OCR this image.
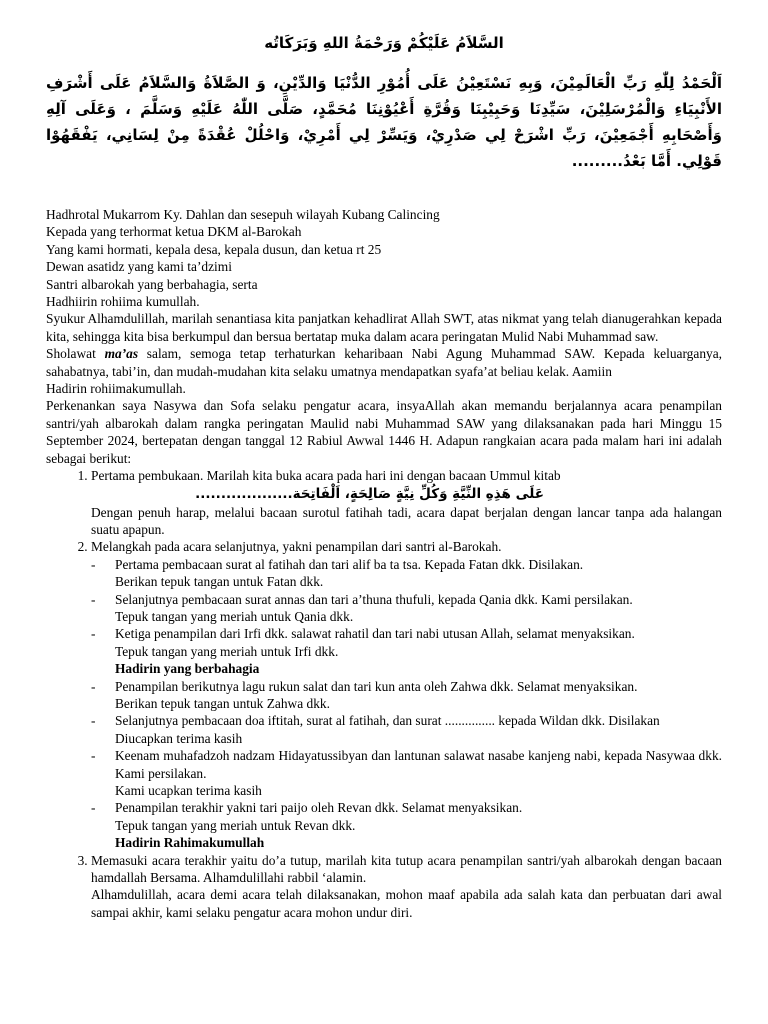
السَّلاَمُ عَلَيْكُمْ وَرَحْمَةُ اللهِ وَبَرَكَاتُه

اَلْحَمْدُ لِلّٰهِ رَبِّ الْعَالَمِيْنَ، وَبِهِ نَسْتَعِيْنُ عَلَى أُمُوْرِ الدُّنْيَا وَالدِّيْنِ، وَ الصَّلاَةُ وَالسَّلاَمُ عَلَى أَشْرَفِ الأَنْبِيَاءِ وَالْمُرْسَلِيْنَ، سَيِّدِنَا وَحَبِيْبِنَا وَقُرَّةِ أَعْيُوْنِنَا مُحَمَّدٍ، صَلَّى اللّٰهُ عَلَيْهِ وَسَلَّمَ ، وَعَلَى آلِهِ وَأَصْحَابِهِ أَجْمَعِيْنَ، رَبِّ اشْرَحْ لِي صَدْرِيْ، وَيَسِّرْ لِي أَمْرِيْ، وَاحْلُلْ عُقْدَةً مِنْ لِسَانِي، يَفْقَهُوْا قَوْلِي. أَمَّا بَعْدُ.........

Hadhrotal Mukarrom Ky. Dahlan dan sesepuh wilayah Kubang Calincing

Kepada yang terhormat ketua DKM al-Barokah

Yang kami hormati, kepala desa, kepala dusun, dan ketua rt 25

Dewan asatidz yang kami ta’dzimi

Santri albarokah yang berbahagia, serta

Hadhiirin rohiima kumullah.

Syukur Alhamdulillah, marilah senantiasa kita panjatkan kehadlirat Allah SWT, atas nikmat yang telah dianugerahkan kepada kita, sehingga kita bisa berkumpul dan bersua bertatap muka dalam acara peringatan Mulid Nabi Muhammad saw.

Sholawat ma’as salam, semoga tetap terhaturkan keharibaan Nabi Agung Muhammad SAW. Kepada keluarganya, sahabatnya, tabi’in, dan mudah-mudahan kita selaku umatnya mendapatkan syafa’at beliau kelak. Aamiin

Hadirin rohiimakumullah.

Perkenankan saya Nasywa dan Sofa selaku pengatur acara, insyaAllah akan memandu berjalannya acara penampilan santri/yah albarokah dalam rangka peringatan Maulid nabi Muhammad SAW yang dilaksanakan pada hari Minggu 15 September 2024, bertepatan dengan tanggal 12 Rabiul Awwal 1446 H. Adapun rangkaian acara pada malam hari ini adalah sebagai berikut:

1. Pertama pembukaan. Marilah kita buka acara pada hari ini dengan bacaan Ummul kitab
عَلَى هَذِهِ النِّيَّةِ وَكُلِّ نِيَّةٍ صَالِحَةٍ، اَلْفَاتِحَة...................

Dengan penuh harap, melalui bacaan surotul fatihah tadi, acara dapat berjalan dengan lancar tanpa ada halangan suatu apapun.

2. Melangkah pada acara selanjutnya, yakni penampilan dari santri al-Barokah.
- Pertama pembacaan surat al fatihah dan tari alif ba ta tsa. Kepada Fatan dkk. Disilakan.
Berikan tepuk tangan untuk Fatan dkk.
- Selanjutnya pembacaan surat annas dan tari a’thuna thufuli, kepada Qania dkk. Kami persilakan.
Tepuk tangan yang meriah untuk Qania dkk.
- Ketiga penampilan dari Irfi dkk. salawat rahatil dan tari nabi utusan Allah, selamat menyaksikan.
Tepuk tangan yang meriah untuk Irfi dkk.
Hadirin yang berbahagia
- Penampilan berikutnya lagu rukun salat dan tari kun anta oleh Zahwa dkk. Selamat menyaksikan.
Berikan tepuk tangan untuk Zahwa dkk.
- Selanjutnya pembacaan doa iftitah, surat al fatihah, dan surat ............... kepada Wildan dkk. Disilakan
Diucapkan terima kasih
- Keenam muhafadzoh nadzam Hidayatussibyan dan lantunan salawat nasabe kanjeng nabi, kepada Nasywaa dkk. Kami persilakan.
Kami ucapkan terima kasih
- Penampilan terakhir yakni tari paijo oleh Revan dkk. Selamat menyaksikan.
Tepuk tangan yang meriah untuk Revan dkk.
Hadirin Rahimakumullah
3. Memasuki acara terakhir yaitu do’a tutup, marilah kita tutup acara penampilan santri/yah albarokah dengan bacaan hamdallah Bersama. Alhamdulillahi rabbil ‘alamin.

Alhamdulillah, acara demi acara telah dilaksanakan, mohon maaf apabila ada salah kata dan perbuatan dari awal sampai akhir, kami selaku pengatur acara mohon undur diri.
